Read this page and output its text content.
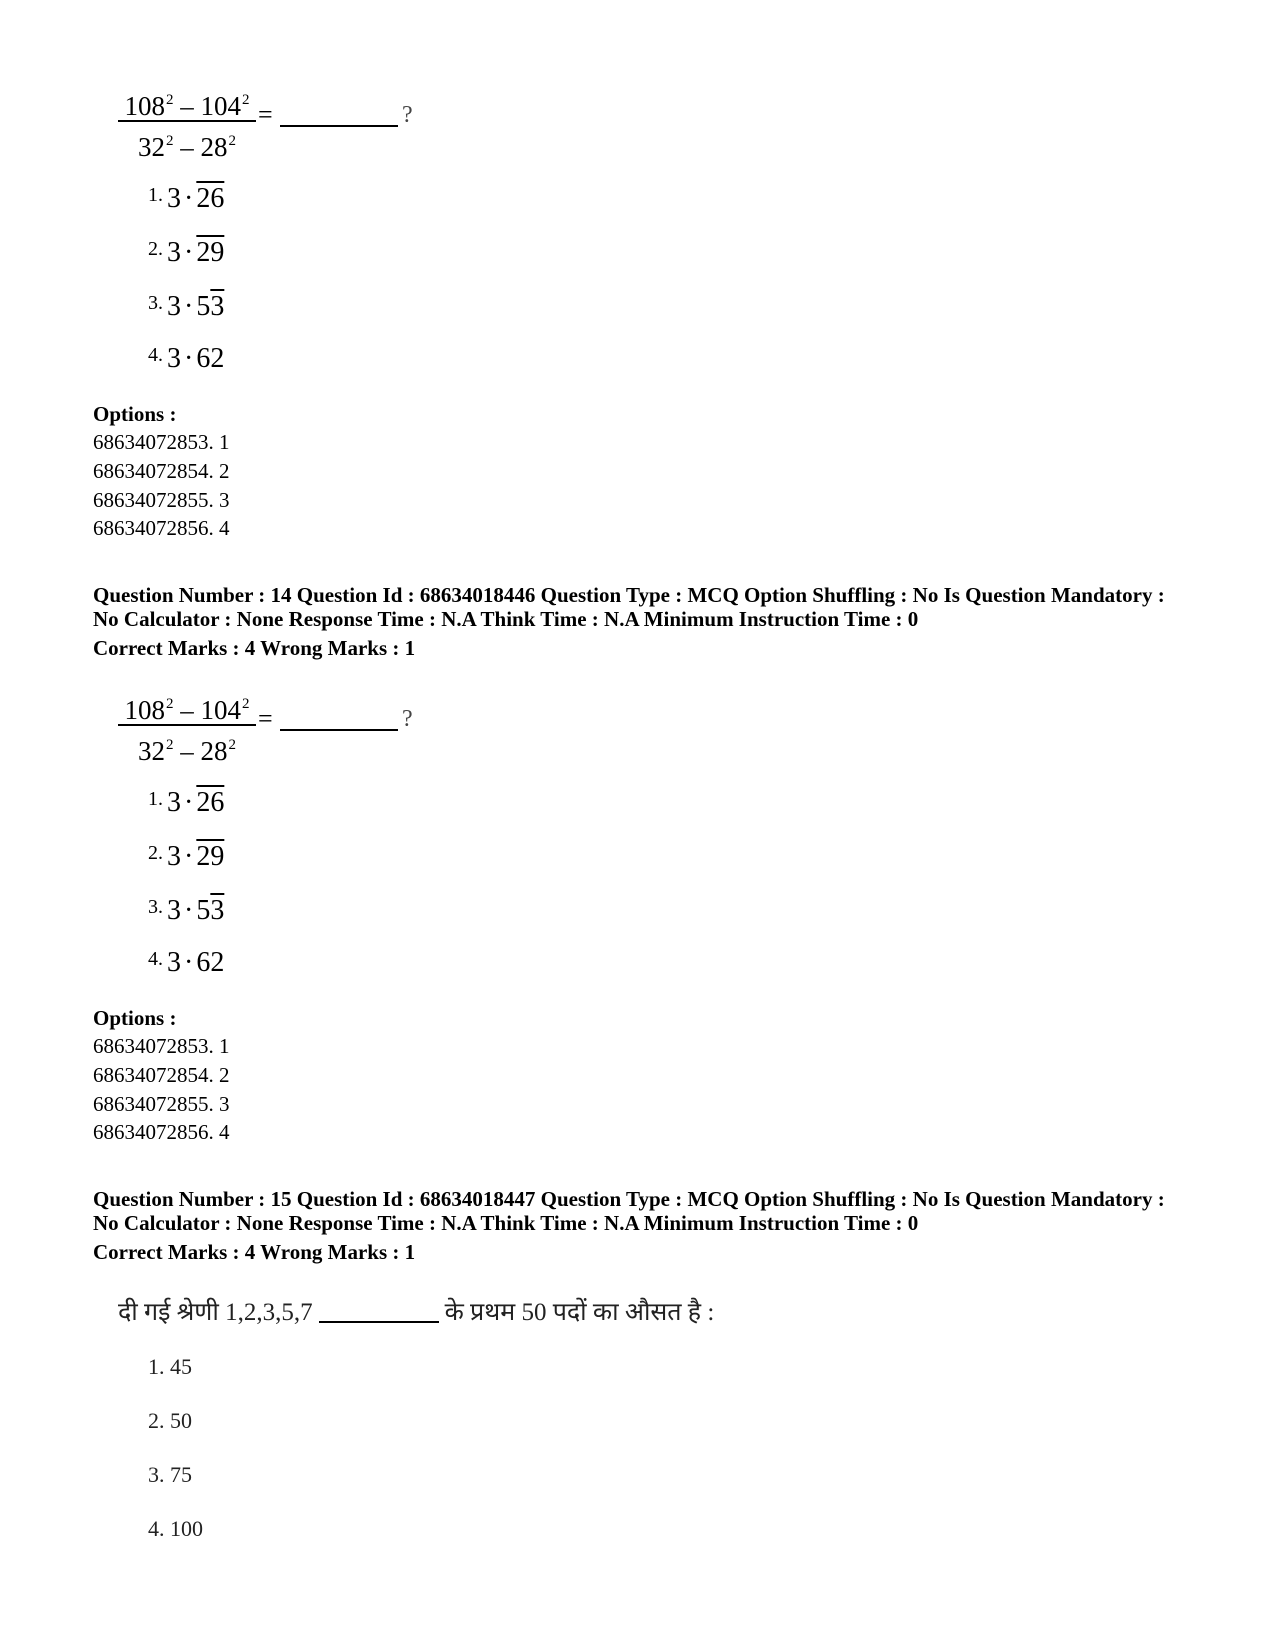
$\frac{108^2 - 104^2}{32^2 - 28^2}$ =	?
$^{1.}$ 3 · 26
$^{2.}$ 3 · 29
$^{3.}$ 3 · 53
$^{4.}$ 3 · 62
Options :
68634072853. 1
68634072854. 2
68634072855. 3
68634072856. 4
Question Number : 14 Question Id : 68634018446 Question Type : MCQ Option Shuffling : No Is Question Mandatory :
No Calculator : None Response Time : N.A Think Time : N.A Minimum Instruction Time : 0
Correct Marks : 4 Wrong Marks : 1
$\frac{108^2 - 104^2}{32^2 - 28^2}$ =	?
$^{1.}$ 3 · 26
$^{2.}$ 3 · 29
$^{3.}$ 3 · 53
$^{4.}$ 3 · 62
Options :
68634072853. 1
68634072854. 2
68634072855. 3
68634072856. 4
Question Number : 15 Question Id : 68634018447 Question Type : MCQ Option Shuffling : No Is Question Mandatory :
No Calculator : None Response Time : N.A Think Time : N.A Minimum Instruction Time : 0
Correct Marks : 4 Wrong Marks : 1
दी गई श्रेणी 1,2,3,5,7	के प्रथम 50 पदों का औसत है :
1. 45
2. 50
3. 75
4. 100
